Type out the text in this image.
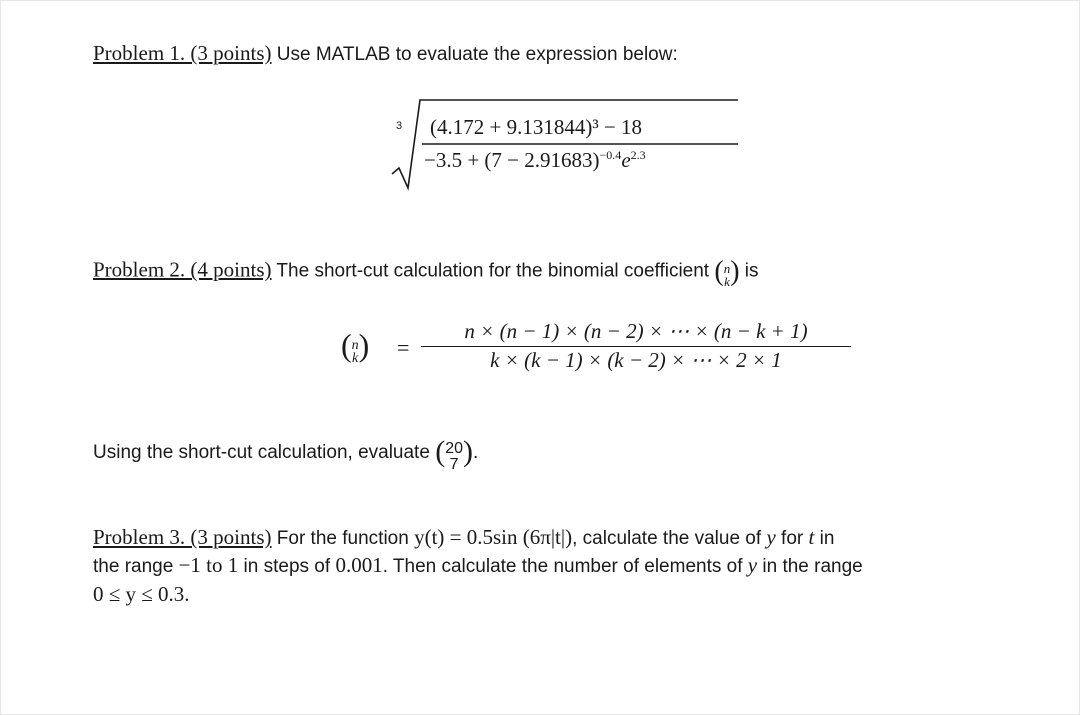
Problem 1. (3 points) Use MATLAB to evaluate the expression below:
3 (4.172 + 9.131844)³ − 18
$-3.5 + (7 - 2.91683)^{-0.4}e^{2.3}$
Problem 2. (4 points) The short-cut calculation for the binomial coefficient (n
k) is
(n
$k) = \frac{n \times (n - 1) \times (n - 2) \times \cdots \times (n - k + 1)}{k \times (k - 1) \times (k - 2) \times \cdots \times 2 \times 1}$
Using the short-cut calculation, evaluate (20
7 ).
Problem 3. (3 points) For the function y(t) = 0.5sin (6π|t|), calculate the value of y for t in
the range −1 to 1 in steps of 0.001. Then calculate the number of elements of y in the range
0 ≤ y ≤ 0.3.
